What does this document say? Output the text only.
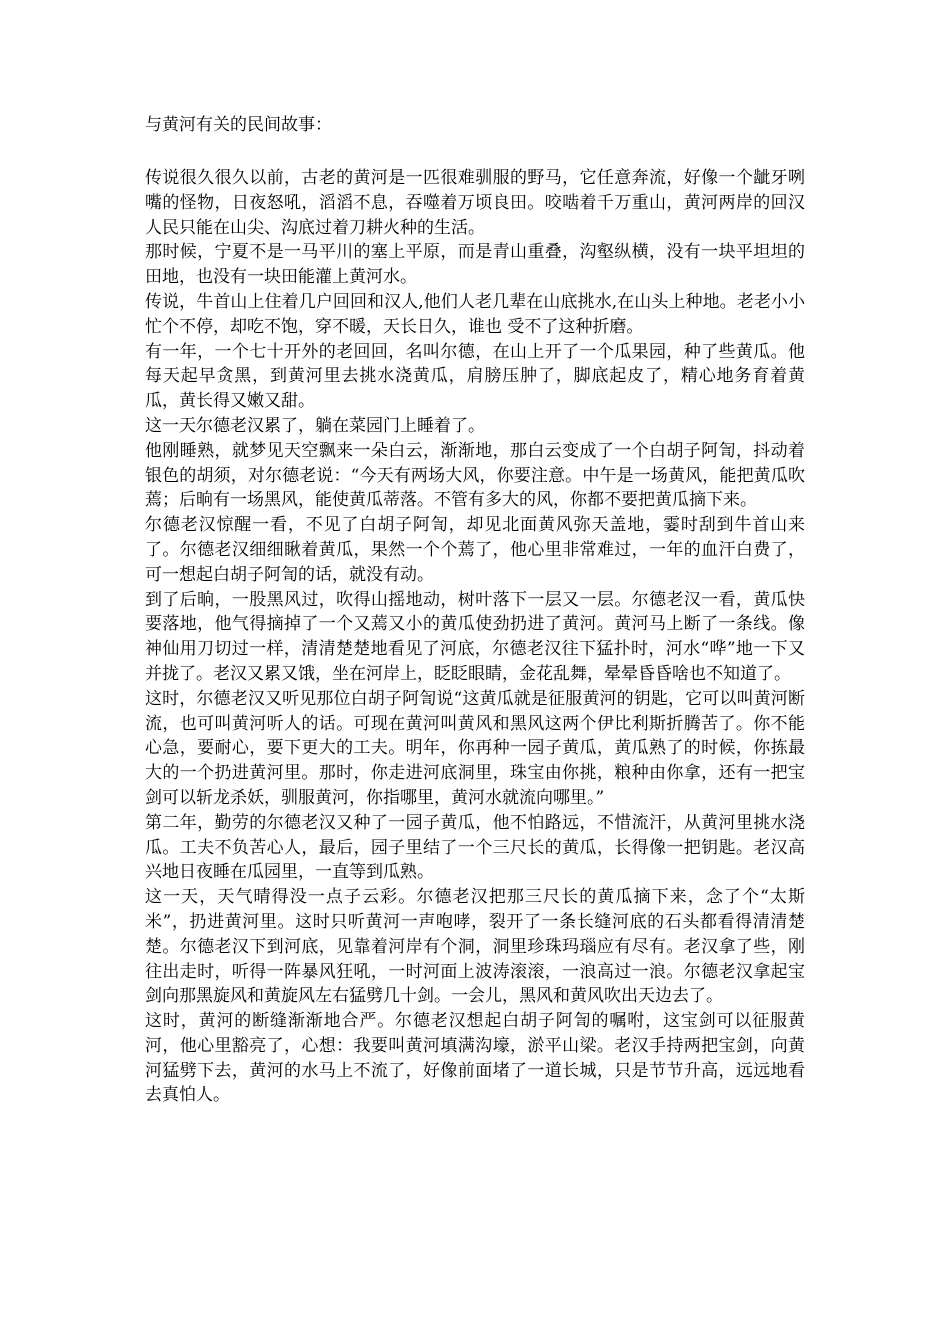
与黄河有关的民间故事：

传说很久很久以前，古老的黄河是一匹很难驯服的野马，它任意奔流，好像一个龇牙咧嘴的怪物，日夜怒吼，滔滔不息，吞噬着万顷良田。咬啮着千万重山，黄河两岸的回汉人民只能在山尖、沟底过着刀耕火种的生活。

那时候，宁夏不是一马平川的塞上平原，而是青山重叠，沟壑纵横，没有一块平坦坦的田地，也没有一块田能灌上黄河水。

传说，牛首山上住着几户回回和汉人,他们人老几辈在山底挑水,在山头上种地。老老小小忙个不停，却吃不饱，穿不暖，天长日久，谁也 受不了这种折磨。

有一年，一个七十开外的老回回，名叫尔德，在山上开了一个瓜果园，种了些黄瓜。他每天起早贪黑，到黄河里去挑水浇黄瓜，肩膀压肿了，脚底起皮了，精心地务育着黄瓜，黄长得又嫩又甜。

这一天尔德老汉累了，躺在菜园门上睡着了。

他刚睡熟，就梦见天空飘来一朵白云，渐渐地，那白云变成了一个白胡子阿訇，抖动着银色的胡须，对尔德老说：“今天有两场大风，你要注意。中午是一场黄风，能把黄瓜吹蔫；后晌有一场黑风，能使黄瓜蒂落。不管有多大的风，你都不要把黄瓜摘下来。

尔德老汉惊醒一看，不见了白胡子阿訇，却见北面黄风弥天盖地，霎时刮到牛首山来了。尔德老汉细细瞅着黄瓜，果然一个个蔫了，他心里非常难过，一年的血汗白费了，可一想起白胡子阿訇的话，就没有动。

到了后晌，一股黑风过，吹得山摇地动，树叶落下一层又一层。尔德老汉一看，黄瓜快要落地，他气得摘掉了一个又蔫又小的黄瓜使劲扔进了黄河。黄河马上断了一条线。像神仙用刀切过一样，清清楚楚地看见了河底，尔德老汉往下猛扑时，河水“哗”地一下又并拢了。老汉又累又饿，坐在河岸上，眨眨眼睛，金花乱舞，晕晕昏昏啥也不知道了。

这时，尔德老汉又听见那位白胡子阿訇说“这黄瓜就是征服黄河的钥匙，它可以叫黄河断流，也可叫黄河听人的话。可现在黄河叫黄风和黑风这两个伊比利斯折腾苦了。你不能心急，要耐心，要下更大的工夫。明年，你再种一园子黄瓜，黄瓜熟了的时候，你拣最大的一个扔进黄河里。那时，你走进河底洞里，珠宝由你挑，粮种由你拿，还有一把宝剑可以斩龙杀妖，驯服黄河，你指哪里，黄河水就流向哪里。”

第二年，勤劳的尔德老汉又种了一园子黄瓜，他不怕路远，不惜流汗，从黄河里挑水浇瓜。工夫不负苦心人，最后，园子里结了一个三尺长的黄瓜，长得像一把钥匙。老汉高兴地日夜睡在瓜园里，一直等到瓜熟。

这一天，天气晴得没一点子云彩。尔德老汉把那三尺长的黄瓜摘下来，念了个“太斯米”，扔进黄河里。这时只听黄河一声咆哮，裂开了一条长缝河底的石头都看得清清楚楚。尔德老汉下到河底，见靠着河岸有个洞，洞里珍珠玛瑙应有尽有。老汉拿了些，刚往出走时，听得一阵暴风狂吼，一时河面上波涛滚滚，一浪高过一浪。尔德老汉拿起宝剑向那黑旋风和黄旋风左右猛劈几十剑。一会儿，黑风和黄风吹出天边去了。

这时，黄河的断缝渐渐地合严。尔德老汉想起白胡子阿訇的嘱咐，这宝剑可以征服黄河，他心里豁亮了，心想：我要叫黄河填满沟壕，淤平山梁。老汉手持两把宝剑，向黄河猛劈下去，黄河的水马上不流了，好像前面堵了一道长城，只是节节升高，远远地看去真怕人。
